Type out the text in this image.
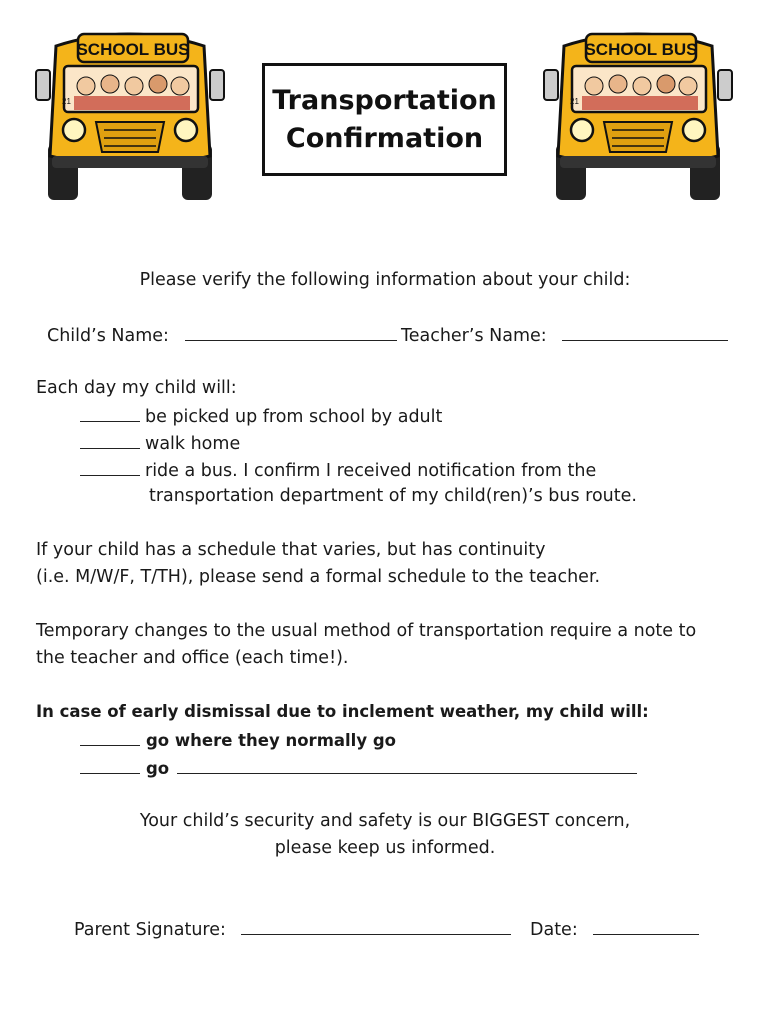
SCHOOL BUS
21
SCHOOL BUS
21
Transportation
Confirmation
Please verify the following information about your child:
Child’s Name:	Teacher’s Name:
Each day my child will:
be picked up from school by adult
walk home
ride a bus. I confirm I received notification from the
transportation department of my child(ren)’s bus route.
If your child has a schedule that varies, but has continuity
(i.e. M/W/F, T/TH), please send a formal schedule to the teacher.
Temporary changes to the usual method of transportation require a note to
the teacher and office (each time!).
In case of early dismissal due to inclement weather, my child will:
go where they normally go
go
Your child’s security and safety is our BIGGEST concern,
please keep us informed.
Parent Signature:	Date:
